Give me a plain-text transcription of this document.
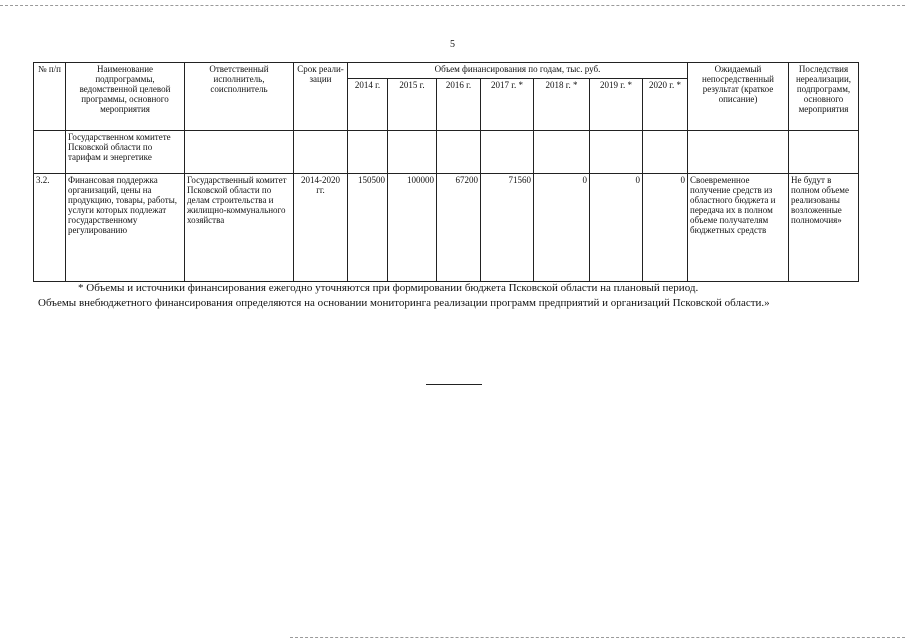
5
№ п/п	Наименование подпрограммы, ведомственной целевой программы, основного мероприятия	Ответственный исполнитель, соисполнитель	Срок реали- зации	Объем финансирования по годам, тыс. руб.							Ожидаемый непосредственный результат (краткое описание)	Последствия нереализации, подпрограмм, основного мероприятия
				2014 г.	2015 г.	2016 г.	2017 г. *	2018 г. *	2019 г. *	2020 г. *		
	Государственном комитете Псковской области по тарифам и энергетике											
3.2.	Финансовая поддержка организаций, цены на продукцию, товары, работы, услуги которых подлежат государственному регулированию	Государственный комитет Псковской области по делам строительства и жилищно-коммунального хозяйства	2014-2020 гг.	150500	100000	67200	71560	0	0	0	Своевременное получение средств из областного бюджета и передача их в полном объеме получателям бюджетных средств	Не будут в полном объеме реализованы возложенные полномочия»

* Объемы и источники финансирования ежегодно уточняются при формировании бюджета Псковской области на плановый период.

Объемы внебюджетного финансирования определяются на основании мониторинга реализации программ предприятий и организаций Псковской области.»
